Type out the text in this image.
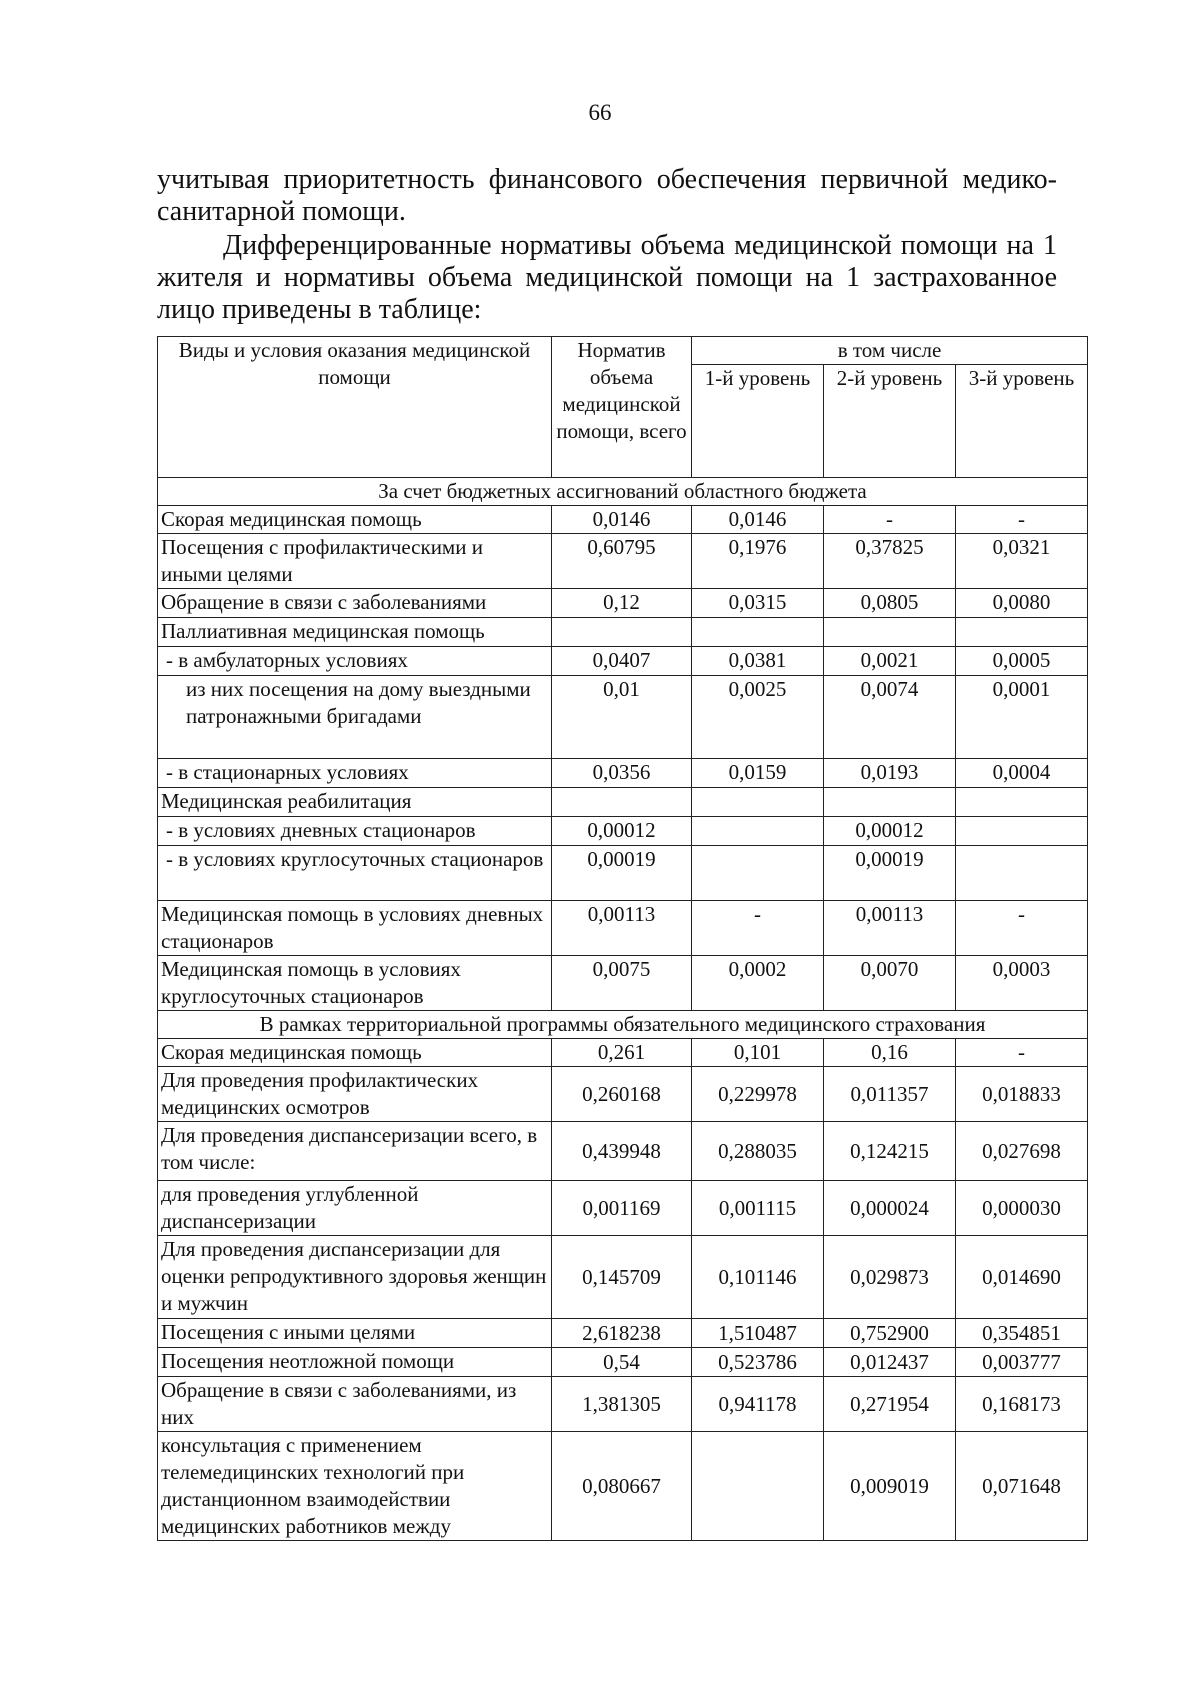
66

учитывая приоритетность финансового обеспечения первичной медико-санитарной помощи.

Дифференцированные нормативы объема медицинской помощи на 1 жителя и нормативы объема медицинской помощи на 1 застрахованное лицо приведены в таблице:

Виды и условия оказания медицинской помощи	Норматив объема медицинской помощи, всего	в том числе		
		1-й уровень	2-й уровень	3-й уровень
За счет бюджетных ассигнований областного бюджета				
Скорая медицинская помощь	0,0146	0,0146	-	-
Посещения с профилактическими и иными целями	0,60795	0,1976	0,37825	0,0321
Обращение в связи с заболеваниями	0,12	0,0315	0,0805	0,0080
Паллиативная медицинская помощь				
- в амбулаторных условиях	0,0407	0,0381	0,0021	0,0005
из них посещения на дому выездными патронажными бригадами	0,01	0,0025	0,0074	0,0001
- в стационарных условиях	0,0356	0,0159	0,0193	0,0004
Медицинская реабилитация				
- в условиях дневных стационаров	0,00012		0,00012	
- в условиях круглосуточных стационаров	0,00019		0,00019	
Медицинская помощь в условиях дневных стационаров	0,00113	-	0,00113	-
Медицинская помощь в условиях круглосуточных стационаров	0,0075	0,0002	0,0070	0,0003
В рамках территориальной программы обязательного медицинского страхования				
Скорая медицинская помощь	0,261	0,101	0,16	-
Для проведения профилактических медицинских осмотров	0,260168	0,229978	0,011357	0,018833
Для проведения диспансеризации всего, в том числе:	0,439948	0,288035	0,124215	0,027698
для проведения углубленной диспансеризации	0,001169	0,001115	0,000024	0,000030
Для проведения диспансеризации для оценки репродуктивного здоровья женщин и мужчин	0,145709	0,101146	0,029873	0,014690
Посещения с иными целями	2,618238	1,510487	0,752900	0,354851
Посещения неотложной помощи	0,54	0,523786	0,012437	0,003777
Обращение в связи с заболеваниями, из них	1,381305	0,941178	0,271954	0,168173
консультация с применением телемедицинских технологий при дистанционном взаимодействии медицинских работников между	0,080667		0,009019	0,071648
